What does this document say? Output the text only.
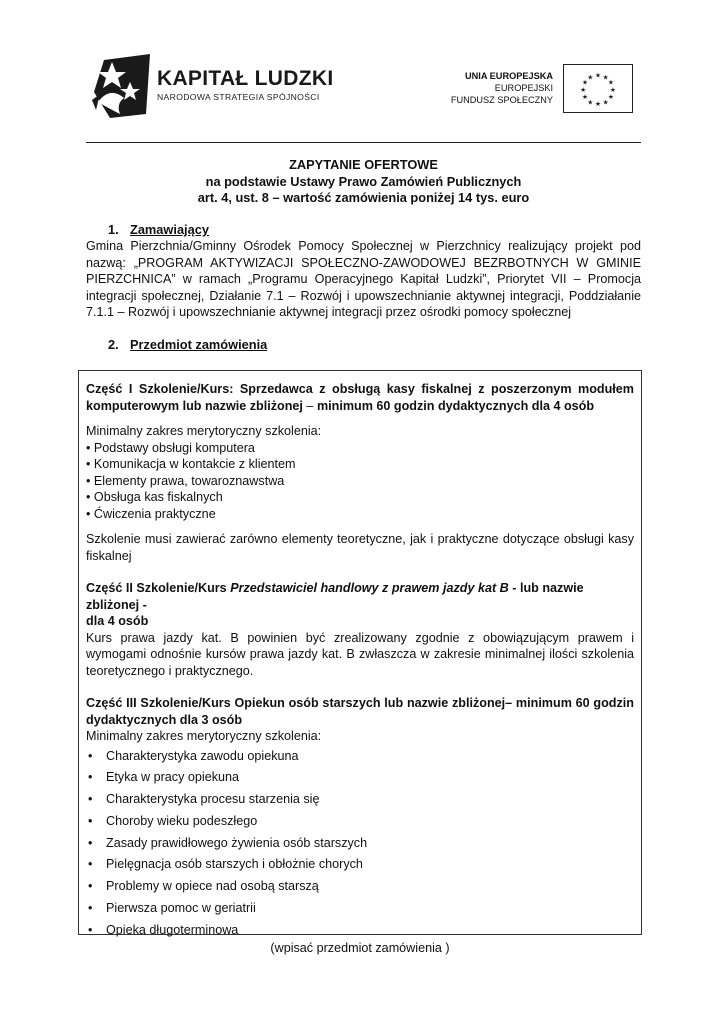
KAPITAŁ LUDZKI
NARODOWA STRATEGIA SPÓJNOŚCI
UNIA EUROPEJSKA
EUROPEJSKI
FUNDUSZ SPOŁECZNY
★ ★
★
★
★
★
★
★
★
★
★
★
ZAPYTANIE OFERTOWE
na podstawie Ustawy Prawo Zamówień Publicznych
art. 4, ust. 8 – wartość zamówienia poniżej 14 tys. euro
1. Zamawiający
Gmina Pierzchnia/Gminny Ośrodek Pomocy Społecznej w Pierzchnicy realizujący projekt pod nazwą: „PROGRAM AKTYWIZACJI SPOŁECZNO-ZAWODOWEJ BEZRBOTNYCH W GMINIE PIERZCHNICA” w ramach „Programu Operacyjnego Kapitał Ludzki”, Priorytet VII – Promocja integracji społecznej, Działanie 7.1 – Rozwój i upowszechnianie aktywnej integracji, Poddziałanie 7.1.1 – Rozwój i upowszechnianie aktywnej integracji przez ośrodki pomocy społecznej
2. Przedmiot zamówienia

Część I Szkolenie/Kurs: Sprzedawca z obsługą kasy fiskalnej z poszerzonym modułem komputerowym lub nazwie zbliżonej – minimum 60 godzin dydaktycznych dla 4 osób

Minimalny zakres merytoryczny szkolenia:

• Podstawy obsługi komputera
• Komunikacja w kontakcie z klientem
• Elementy prawa, towaroznawstwa
• Obsługa kas fiskalnych
• Ćwiczenia praktyczne

Szkolenie musi zawierać zarówno elementy teoretyczne, jak i praktyczne dotyczące obsługi kasy fiskalnej

Część II Szkolenie/Kurs Przedstawiciel handlowy z prawem jazdy kat B - lub nazwie zbliżonej -
dla 4 osób

Kurs prawa jazdy kat. B powinien być zrealizowany zgodnie z obowiązującym prawem i wymogami odnośnie kursów prawa jazdy kat. B zwłaszcza w zakresie minimalnej ilości szkolenia teoretycznego i praktycznego.

Część III Szkolenie/Kurs Opiekun osób starszych lub nazwie zbliżonej– minimum 60 godzin dydaktycznych dla 3 osób

Minimalny zakres merytoryczny szkolenia:

• Charakterystyka zawodu opiekuna
• Etyka w pracy opiekuna
• Charakterystyka procesu starzenia się
• Choroby wieku podeszłego
• Zasady prawidłowego żywienia osób starszych
• Pielęgnacja osób starszych i obłożnie chorych
• Problemy w opiece nad osobą starszą
• Pierwsza pomoc w geriatrii
• Opieka długoterminowa

(wpisać przedmiot zamówienia )
